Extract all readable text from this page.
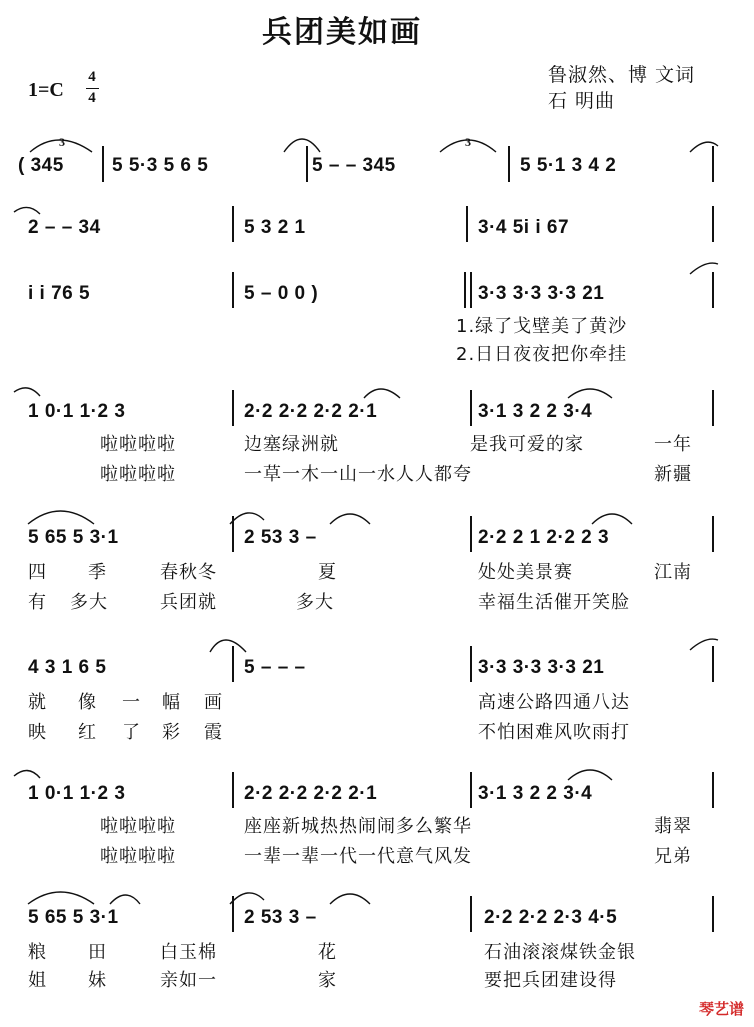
兵团美如画
鲁淑然、博 文词
石 明曲
1=C
4
4
( 345	5 5·3 5 6 5	5 – – 345	5 5·1 3 4 2
3	3
2 – – 34	5 3 2 1	3·4 5i i 67
i i 76 5	5 – 0 0 )	3·3 3·3 3·3 21
1.绿了戈壁美了黄沙
2.日日夜夜把你牵挂
1 0·1 1·2 3	2·2 2·2 2·2 2·1	3·1 3 2 2 3·4
啦啦啦啦	边塞绿洲就	是我可爱的家	一年
啦啦啦啦	一草一木一山一水人人都夸	新疆
5 65 5 3·1	2 53 3 –	2·2 2 1 2·2 2 3
四 季	春秋冬	夏	处处美景赛	江南
有 多大	兵团就	多大	幸福生活催开笑脸
4 3 1 6 5	5 – – –	3·3 3·3 3·3 21
就 像 一 幅 画	高速公路四通八达
映 红 了 彩 霞	不怕困难风吹雨打
1 0·1 1·2 3	2·2 2·2 2·2 2·1	3·1 3 2 2 3·4
啦啦啦啦	座座新城热热闹闹多么繁华	翡翠
啦啦啦啦	一辈一辈一代一代意气风发	兄弟
5 65 5 3·1	2 53 3 –	2·2 2·2 2·3 4·5
粮 田	白玉棉	花	石油滚滚煤铁金银
姐 妹	亲如一	家	要把兵团建设得
琴艺谱
